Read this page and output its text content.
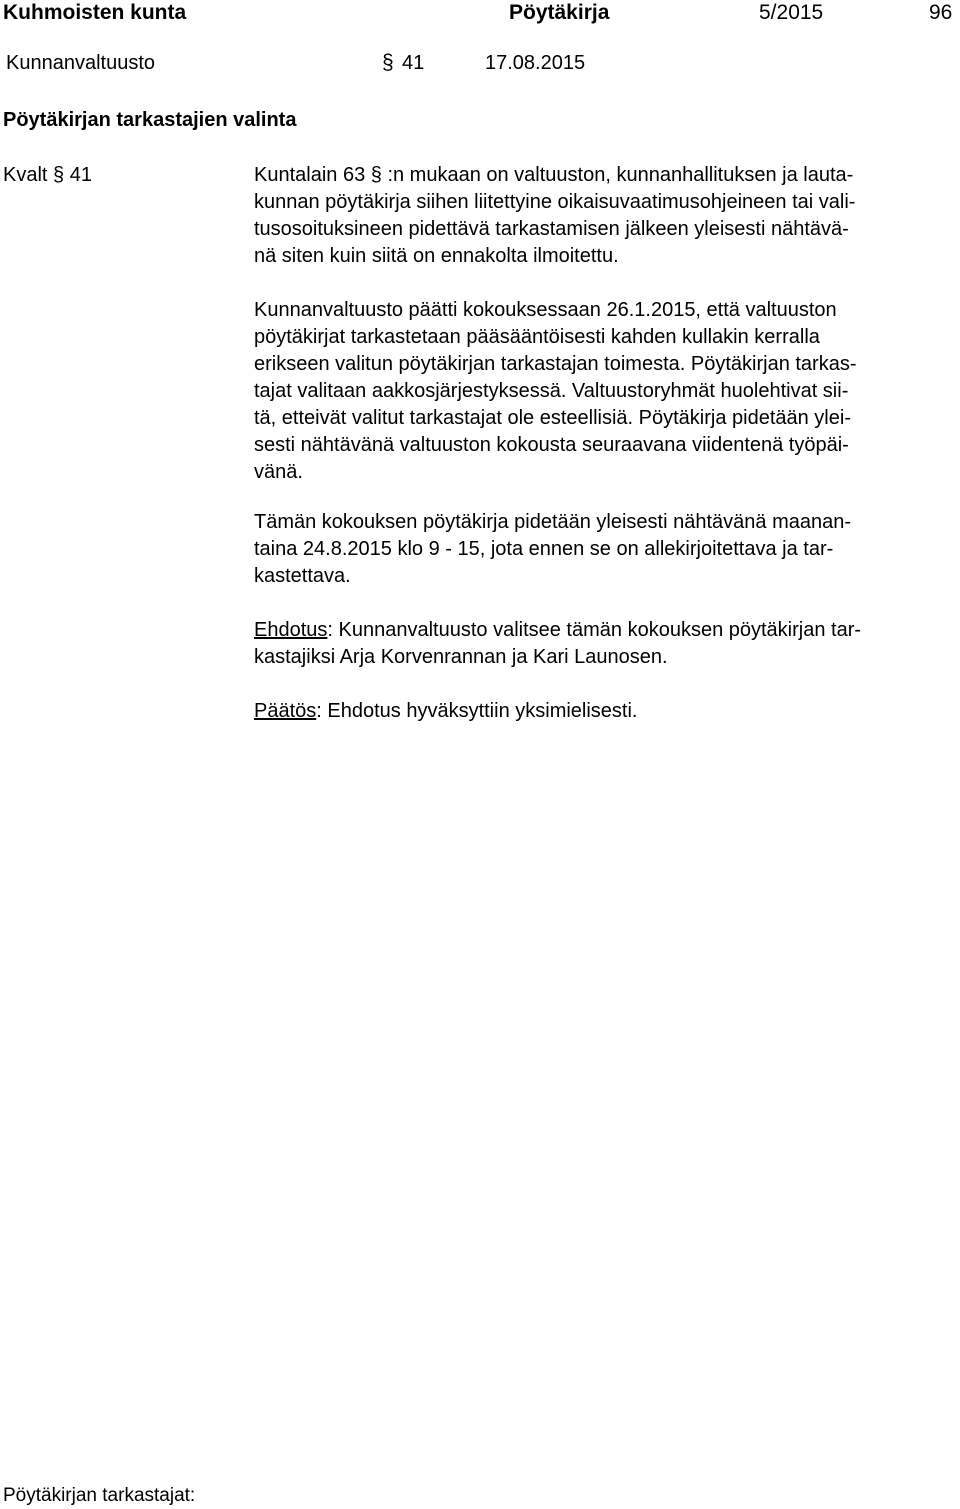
Kuhmoisten kunta	Pöytäkirja	5/2015	96
Kunnanvaltuusto	§ 41	17.08.2015
Pöytäkirjan tarkastajien valinta
Kvalt § 41	Kuntalain 63 § :n mukaan on valtuuston, kunnanhallituksen ja lauta-
kunnan pöytäkirja siihen liitettyine oikaisuvaatimusohjeineen tai vali-
tusosoituksineen pidettävä tarkastamisen jälkeen yleisesti nähtävä-
nä siten kuin siitä on ennakolta ilmoitettu.
Kunnanvaltuusto päätti kokouksessaan 26.1.2015, että valtuuston
pöytäkirjat tarkastetaan pääsääntöisesti kahden kullakin kerralla
erikseen valitun pöytäkirjan tarkastajan toimesta. Pöytäkirjan tarkas-
tajat valitaan aakkosjärjestyksessä. Valtuustoryhmät huolehtivat sii-
tä, etteivät valitut tarkastajat ole esteellisiä. Pöytäkirja pidetään ylei-
sesti nähtävänä valtuuston kokousta seuraavana viidentenä työpäi-
vänä.
Tämän kokouksen pöytäkirja pidetään yleisesti nähtävänä maanan-
taina 24.8.2015 klo 9 - 15, jota ennen se on allekirjoitettava ja tar-
kastettava.
Ehdotus: Kunnanvaltuusto valitsee tämän kokouksen pöytäkirjan tar-
kastajiksi Arja Korvenrannan ja Kari Launosen.
Päätös: Ehdotus hyväksyttiin yksimielisesti.
Pöytäkirjan tarkastajat:
